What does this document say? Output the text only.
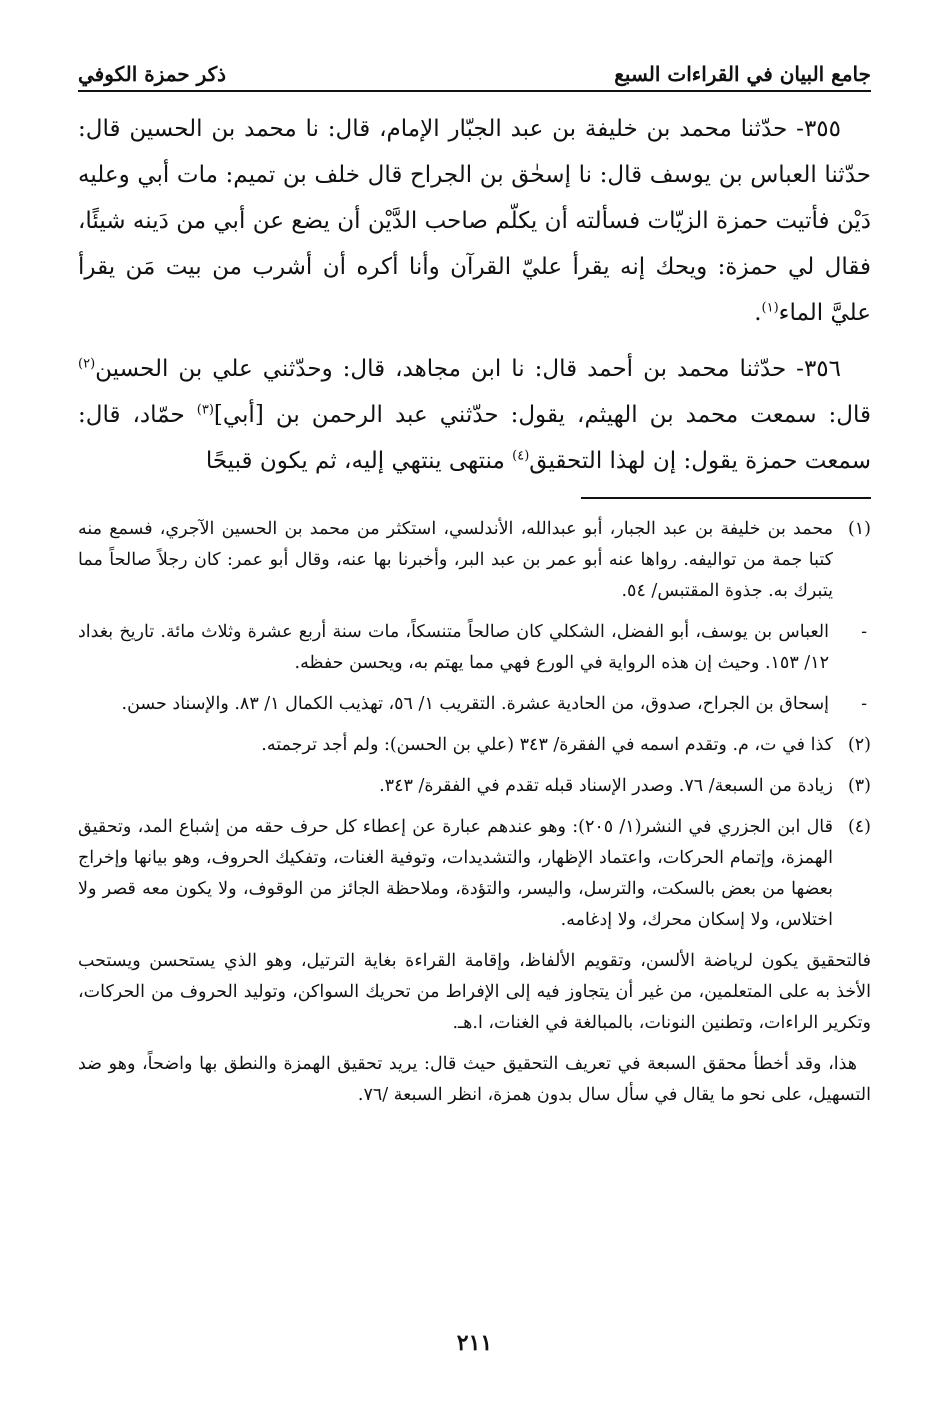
ذكر حمزة الكوفي	جامع البيان في القراءات السبع

٣٥٥- حدّثنا محمد بن خليفة بن عبد الجبّار الإمام، قال: نا محمد بن الحسين قال: حدّثنا العباس بن يوسف قال: نا إسحٰق بن الجراح قال خلف بن تميم: مات أبي وعليه دَيْن فأتيت حمزة الزيّات فسألته أن يكلّم صاحب الدَّيْن أن يضع عن أبي من دَينه شيئًا، فقال لي حمزة: ويحك إنه يقرأ عليّ القرآن وأنا أكره أن أشرب من بيت مَن يقرأ عليَّ الماء$^{(١)}$.

٣٥٦- حدّثنا محمد بن أحمد قال: نا ابن مجاهد، قال: وحدّثني علي بن الحسين$^{(٢)}$ قال: سمعت محمد بن الهيثم، يقول: حدّثني عبد الرحمن بن [أبي]$^{(٣)}$ حمّاد، قال: سمعت حمزة يقول: إن لهذا التحقيق$^{(٤)}$ منتهى ينتهي إليه، ثم يكون قبيحًا

(١)
محمد بن خليفة بن عبد الجبار، أبو عبدالله، الأندلسي، استكثر من محمد بن الحسين الآجري، فسمع منه كتبا جمة من تواليفه. رواها عنه أبو عمر بن عبد البر، وأخبرنا بها عنه، وقال أبو عمر: كان رجلاً صالحاً مما يتبرك به. جذوة المقتبس/ ٥٤.
-
العباس بن يوسف، أبو الفضل، الشكلي كان صالحاً متنسكاً، مات سنة أربع عشرة وثلاث مائة. تاريخ بغداد ١٢/ ١٥٣. وحيث إن هذه الرواية في الورع فهي مما يهتم به، ويحسن حفظه.
-
إسحاق بن الجراح، صدوق، من الحادية عشرة. التقريب ١/ ٥٦، تهذيب الكمال ١/ ٨٣. والإسناد حسن.
(٢)
كذا في ت، م. وتقدم اسمه في الفقرة/ ٣٤٣ (علي بن الحسن): ولم أجد ترجمته.
(٣)
زيادة من السبعة/ ٧٦. وصدر الإسناد قبله تقدم في الفقرة/ ٣٤٣.
(٤)
قال ابن الجزري في النشر(١/ ٢٠٥): وهو عندهم عبارة عن إعطاء كل حرف حقه من إشباع المد، وتحقيق الهمزة، وإتمام الحركات، واعتماد الإظهار، والتشديدات، وتوفية الغنات، وتفكيك الحروف، وهو بيانها وإخراج بعضها من بعض بالسكت، والترسل، واليسر، والتؤدة، وملاحظة الجائز من الوقوف، ولا يكون معه قصر ولا اختلاس، ولا إسكان محرك، ولا إدغامه.

فالتحقيق يكون لرياضة الألسن، وتقويم الألفاظ، وإقامة القراءة بغاية الترتيل، وهو الذي يستحسن ويستحب الأخذ به على المتعلمين، من غير أن يتجاوز فيه إلى الإفراط من تحريك السواكن، وتوليد الحروف من الحركات، وتكرير الراءات، وتطنين النونات، بالمبالغة في الغنات، ا.هـ.

هذا، وقد أخطأ محقق السبعة في تعريف التحقيق حيث قال: يريد تحقيق الهمزة والنطق بها واضحاً، وهو ضد التسهيل، على نحو ما يقال في سأل سال بدون همزة، انظر السبعة /٧٦.

٢١١
